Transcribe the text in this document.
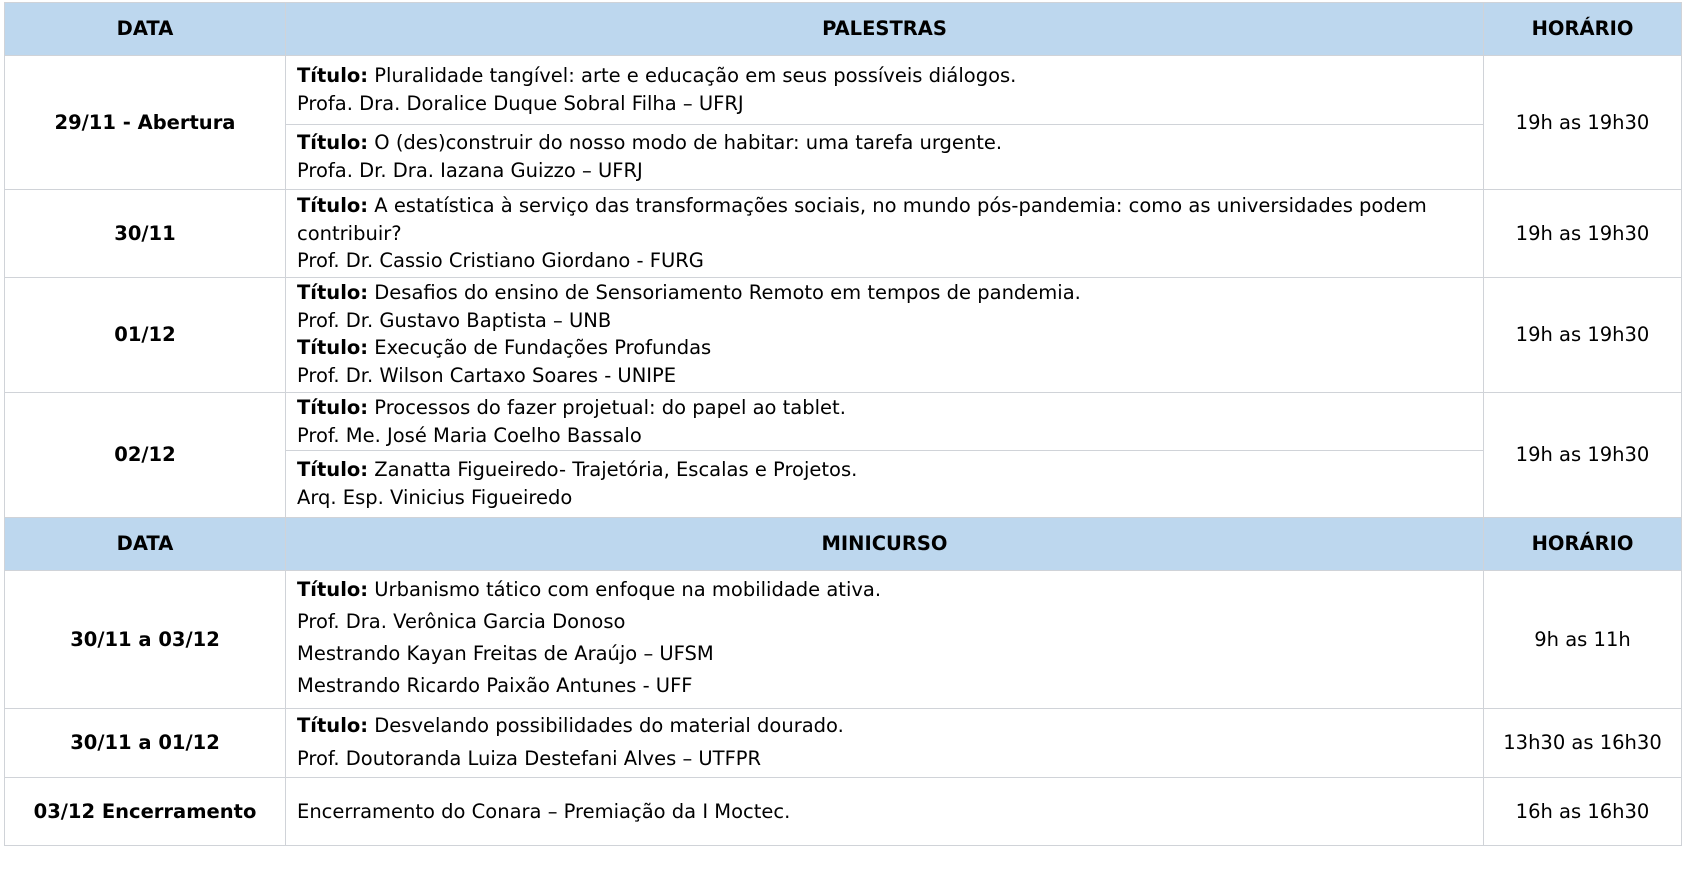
DATA	PALESTRAS	HORÁRIO
29/11 - Abertura	Título: Pluralidade tangível: arte e educação em seus possíveis diálogos.
Profa. Dra. Doralice Duque Sobral Filha – UFRJ	19h as 19h30

	Título: O (des)construir do nosso modo de habitar: uma tarefa urgente.
Profa. Dr. Dra. Iazana Guizzo – UFRJ	

30/11	Título: A estatística à serviço das transformações sociais, no mundo pós-pandemia: como as universidades podem contribuir?
Prof. Dr. Cassio Cristiano Giordano - FURG	19h as 19h30
01/12	Título: Desafios do ensino de Sensoriamento Remoto em tempos de pandemia.
Prof. Dr. Gustavo Baptista – UNB
Título: Execução de Fundações Profundas
Prof. Dr. Wilson Cartaxo Soares - UNIPE	19h as 19h30
02/12	Título: Processos do fazer projetual: do papel ao tablet.
Prof. Me. José Maria Coelho Bassalo	19h as 19h30

	Título: Zanatta Figueiredo- Trajetória, Escalas e Projetos.
Arq. Esp. Vinicius Figueiredo	

DATA	MINICURSO	HORÁRIO
30/11 a 03/12	Título: Urbanismo tático com enfoque na mobilidade ativa.
Prof. Dra. Verônica Garcia Donoso
Mestrando Kayan Freitas de Araújo – UFSM
Mestrando Ricardo Paixão Antunes - UFF	9h as 11h
30/11 a 01/12	Título: Desvelando possibilidades do material dourado.
Prof. Doutoranda Luiza Destefani Alves – UTFPR	13h30 as 16h30
03/12 Encerramento	Encerramento do Conara – Premiação da I Moctec.	16h as 16h30
